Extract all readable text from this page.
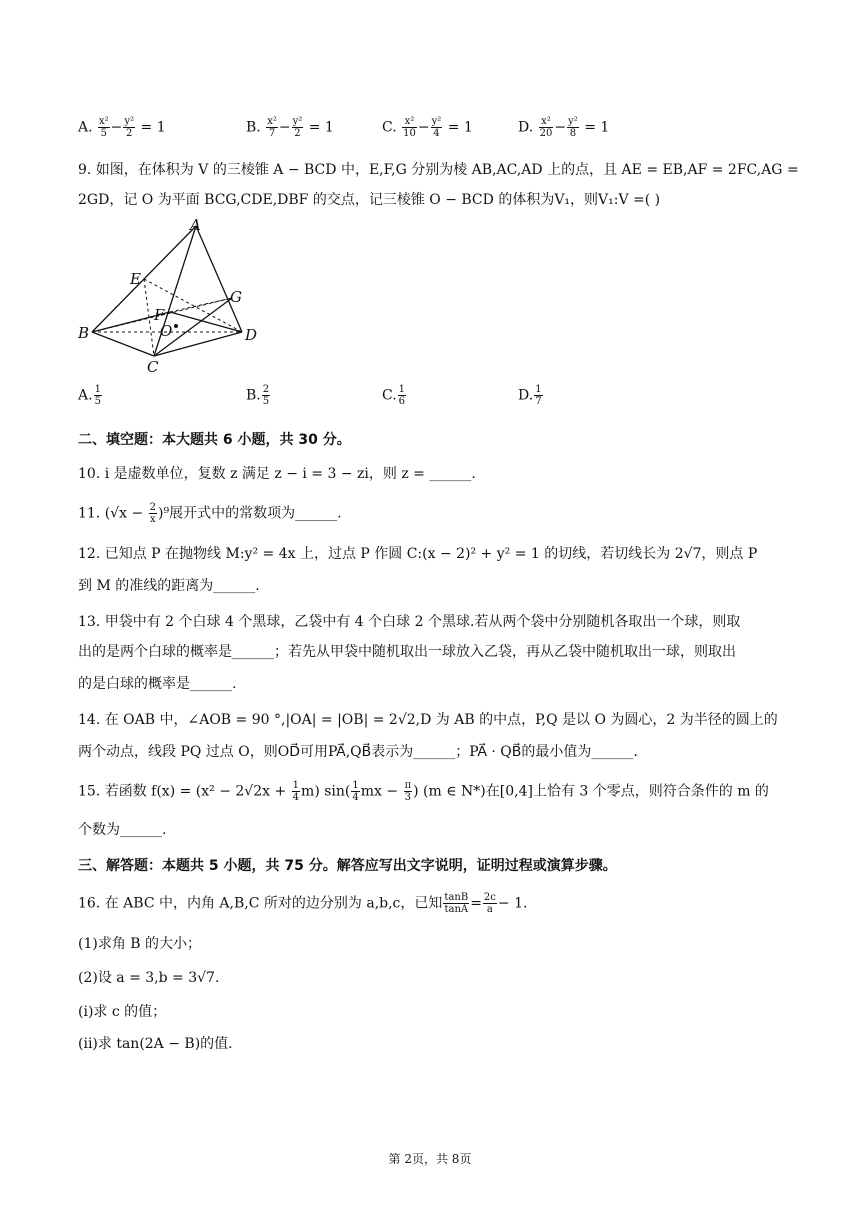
A. $\frac{\text{x²}}{5} - \frac{\text{y²}}{2} = 1$	B. $\frac{\text{x²}}{7} - \frac{\text{y²}}{2} = 1$	C. $\frac{\text{x²}}{10} - \frac{\text{y²}}{4} = 1$	D. $\frac{\text{x²}}{20} - \frac{\text{y²}}{8} = 1$
9. 如图，在体积为 V 的三棱锥 A − BCD 中，E,F,G 分别为棱 AB,AC,AD 上的点，且 AE = EB,AF = 2FC,AG =
2GD，记 O 为平面 BCG,CDE,DBF 的交点，记三棱锥 O − BCD 的体积为V₁，则V₁:V =( )
A
B
C
D
E
F
G
O
A. $\frac{1}{5}$	B. $\frac{2}{5}$	C. $\frac{1}{6}$	D. $\frac{1}{7}$
二、填空题：本大题共 6 小题，共 30 分。
10. i 是虚数单位，复数 z 满足 z − i = 3 − zi，则 z = ______.
11. $(√x - \frac{2}{x} )^9$展开式中的常数项为______.
12. 已知点 P 在抛物线 M:y² = 4x 上，过点 P 作圆 C:(x − 2)² + y² = 1 的切线，若切线长为 2√7，则点 P
到 M 的准线的距离为______.
13. 甲袋中有 2 个白球 4 个黑球，乙袋中有 4 个白球 2 个黑球.若从两个袋中分别随机各取出一个球，则取
出的是两个白球的概率是______；若先从甲袋中随机取出一球放入乙袋，再从乙袋中随机取出一球，则取出
的是白球的概率是______.
14. 在 OAB 中，∠AOB = 90 °,|OA| = |OB| = 2√2,D 为 AB 的中点，P,Q 是以 O 为圆心，2 为半径的圆上的
两个动点，线段 PQ 过点 O，则OD⃗可用PA⃗,QB⃗表示为______；PA⃗ · QB⃗的最小值为______.
15. 若函数 $f(x) = (x^2 - 2√2x + \frac{1}{4} m)$ $\sin( \frac{1}{4}$ mx − $\frac{\pi}{3}$ ) (m ∈ N*)在[0,4]上恰有 3 个零点，则符合条件的 m 的
个数为______.
三、解答题：本题共 5 小题，共 75 分。解答应写出文字说明，证明过程或演算步骤。
16. 在 ABC 中，内角 A,B,C 所对的边分别为 a,b,c，已知 $\frac{\tan B}{\tan A} = \frac{2c}{a} - 1$.
(1)求角 B 的大小；
(2)设 a = 3,b = 3√7.
(i)求 c 的值；
(ii)求 tan(2A − B)的值.
第 2页，共 8页
